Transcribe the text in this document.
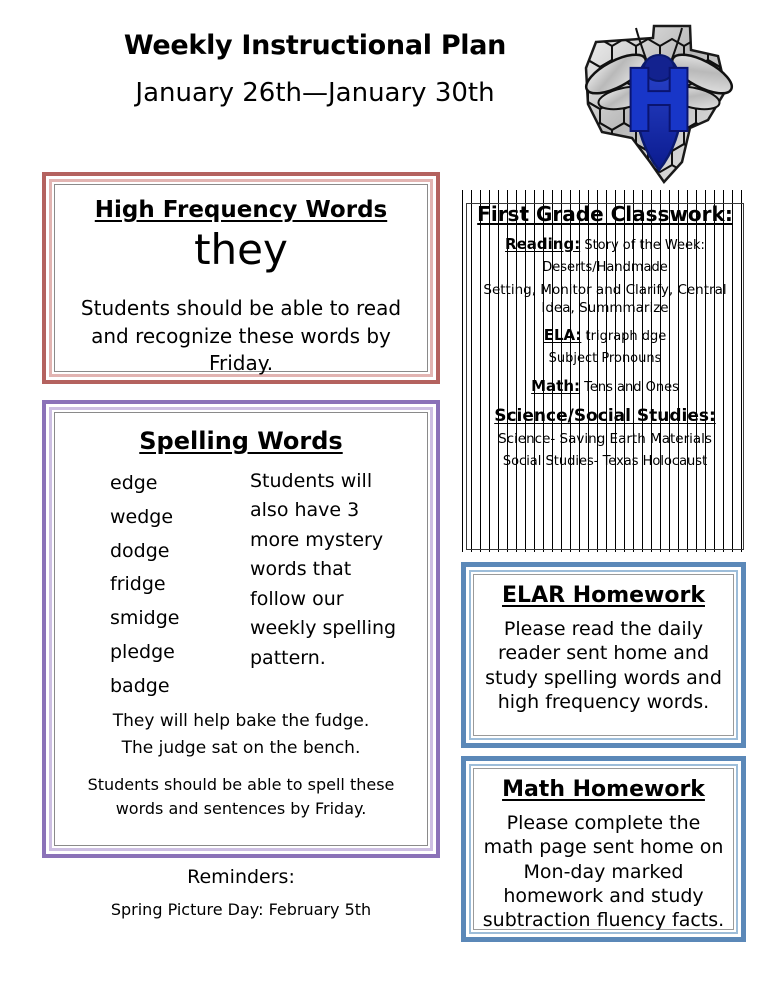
Weekly Instructional Plan
January 26th—January 30th	H
High Frequency Words
they
Students should be able to read and recognize these words by Friday.
Spelling Words
edge
wedge
dodge
fridge
smidge
pledge
badge
Students will also have 3 more mystery words that follow our weekly spelling pattern.
They will help bake the fudge.
The judge sat on the bench.
Students should be able to spell these words and sentences by Friday.
Reminders:
Spring Picture Day: February 5th
First Grade Classwork:
Reading: Story of the Week:
Deserts/Handmade
Setting, Monitor and Clarify, Central Idea, Summmarize
ELA: trigraph dge
Subject Pronouns
Math: Tens and Ones
Science/Social Studies:
Science- Saving Earth Materials
Social Studies- Texas Holocaust
ELAR Homework
Please read the daily reader sent home and study spelling words and high frequency words.
Math Homework
Please complete the math page sent home on Mon-day marked homework and study subtraction fluency facts.
